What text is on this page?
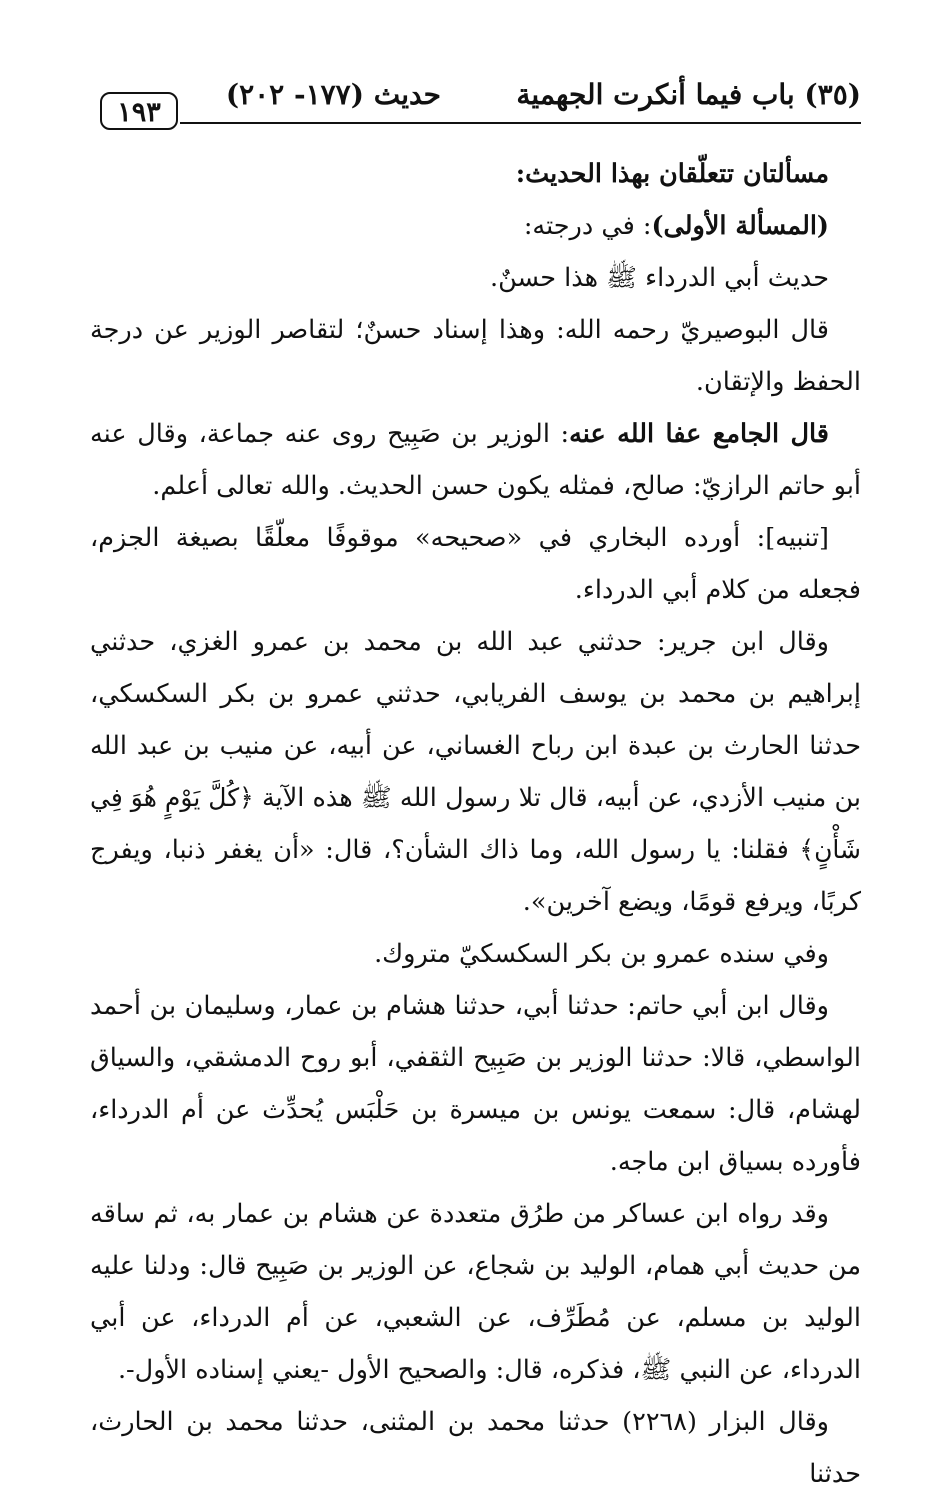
(٣٥) باب فيما أنكرت الجهمية
حديث (١٧٧- ٢٠٢)
١٩٣

مسألتان تتعلّقان بهذا الحديث:

(المسألة الأولى): في درجته:

حديث أبي الدرداء ﷺ هذا حسنٌ.

قال البوصيريّ رحمه الله: وهذا إسناد حسنٌ؛ لتقاصر الوزير عن درجة الحفظ والإتقان.

قال الجامع عفا الله عنه: الوزير بن صَبِيح روى عنه جماعة، وقال عنه أبو حاتم الرازيّ: صالح، فمثله يكون حسن الحديث. والله تعالى أعلم.

[تنبيه]: أورده البخاري في «صحيحه» موقوفًا معلّقًا بصيغة الجزم، فجعله من كلام أبي الدرداء.

وقال ابن جرير: حدثني عبد الله بن محمد بن عمرو الغزي، حدثني إبراهيم بن محمد بن يوسف الفريابي، حدثني عمرو بن بكر السكسكي، حدثنا الحارث بن عبدة ابن رباح الغساني، عن أبيه، عن منيب بن عبد الله بن منيب الأزدي، عن أبيه، قال تلا رسول الله ﷺ هذه الآية ﴿كُلَّ يَوْمٍ هُوَ فِي شَأْنٍ﴾ فقلنا: يا رسول الله، وما ذاك الشأن؟، قال: «أن يغفر ذنبا، ويفرج كربًا، ويرفع قومًا، ويضع آخرين».

وفي سنده عمرو بن بكر السكسكيّ متروك.

وقال ابن أبي حاتم: حدثنا أبي، حدثنا هشام بن عمار، وسليمان بن أحمد الواسطي، قالا: حدثنا الوزير بن صَبِيح الثقفي، أبو روح الدمشقي، والسياق لهشام، قال: سمعت يونس بن ميسرة بن حَلْبَس يُحدِّث عن أم الدرداء، فأورده بسياق ابن ماجه.

وقد رواه ابن عساكر من طرُق متعددة عن هشام بن عمار به، ثم ساقه من حديث أبي همام، الوليد بن شجاع، عن الوزير بن صَبِيح قال: ودلنا عليه الوليد بن مسلم، عن مُطَرِّف، عن الشعبي، عن أم الدرداء، عن أبي الدرداء، عن النبي ﷺ، فذكره، قال: والصحيح الأول -يعني إسناده الأول-.

وقال البزار (٢٢٦٨) حدثنا محمد بن المثنى، حدثنا محمد بن الحارث، حدثنا
